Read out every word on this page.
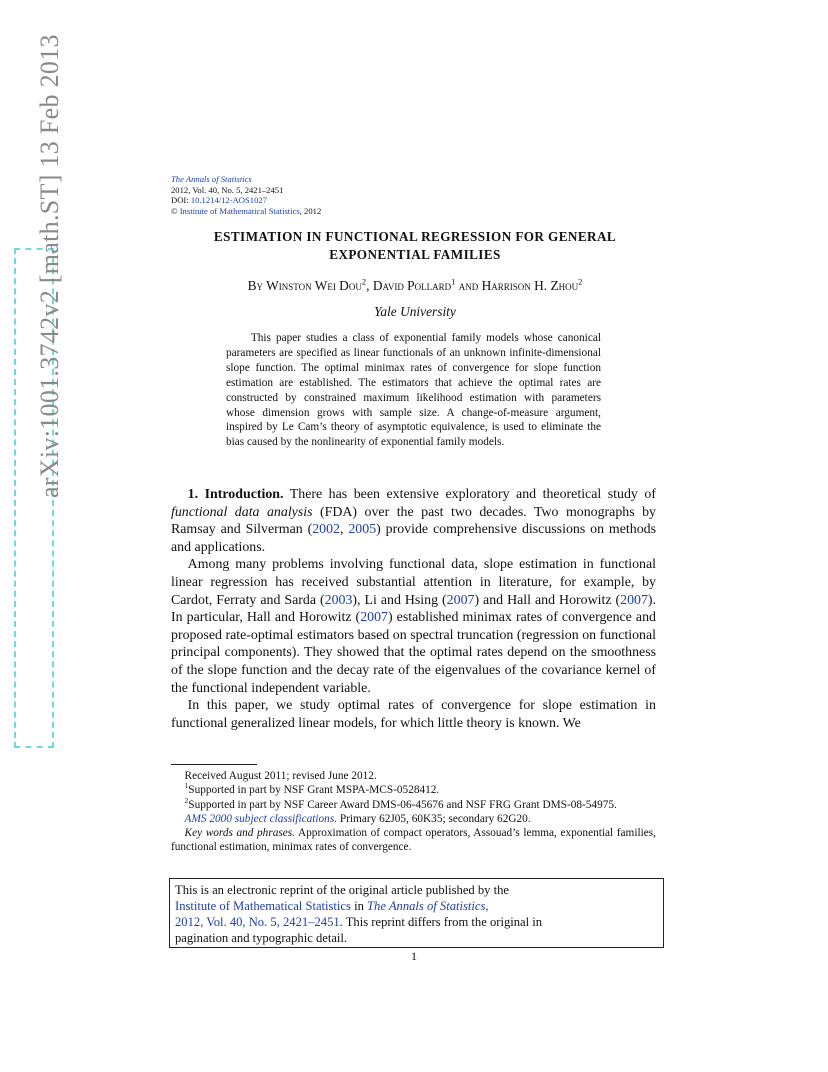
arXiv:1001.3742v2 [math.ST] 13 Feb 2013	The Annals of Statistics
2012, Vol. 40, No. 5, 2421–2451
DOI: 10.1214/12-AOS1027
© Institute of Mathematical Statistics, 2012
ESTIMATION IN FUNCTIONAL REGRESSION FOR GENERAL
EXPONENTIAL FAMILIES
By Winston Wei Dou$^2$, David Pollard$^1$ and Harrison H. Zhou$^2$
Yale University

This paper studies a class of exponential family models whose canonical parameters are specified as linear functionals of an unknown infinite-dimensional slope function. The optimal minimax rates of convergence for slope function estimation are established. The estimators that achieve the optimal rates are constructed by constrained maximum likelihood estimation with parameters whose dimension grows with sample size. A change-of-measure argument, inspired by Le Cam’s theory of asymptotic equivalence, is used to eliminate the bias caused by the nonlinearity of exponential family models.

1. Introduction. There has been extensive exploratory and theoretical study of functional data analysis (FDA) over the past two decades. Two monographs by Ramsay and Silverman (2002, 2005) provide comprehensive discussions on methods and applications.

Among many problems involving functional data, slope estimation in functional linear regression has received substantial attention in literature, for example, by Cardot, Ferraty and Sarda (2003), Li and Hsing (2007) and Hall and Horowitz (2007). In particular, Hall and Horowitz (2007) established minimax rates of convergence and proposed rate-optimal estimators based on spectral truncation (regression on functional principal components). They showed that the optimal rates depend on the smoothness of the slope function and the decay rate of the eigenvalues of the covariance kernel of the functional independent variable.

In this paper, we study optimal rates of convergence for slope estimation in functional generalized linear models, for which little theory is known. We

Received August 2011; revised June 2012.

$^1$Supported in part by NSF Grant MSPA-MCS-0528412.

$^2$Supported in part by NSF Career Award DMS-06-45676 and NSF FRG Grant DMS-08-54975.

AMS 2000 subject classifications. Primary 62J05, 60K35; secondary 62G20.

Key words and phrases. Approximation of compact operators, Assouad’s lemma, exponential families, functional estimation, minimax rates of convergence.

This is an electronic reprint of the original article published by the

Institute of Mathematical Statistics in The Annals of Statistics,

2012, Vol. 40, No. 5, 2421–2451. This reprint differs from the original in

pagination and typographic detail.

1
